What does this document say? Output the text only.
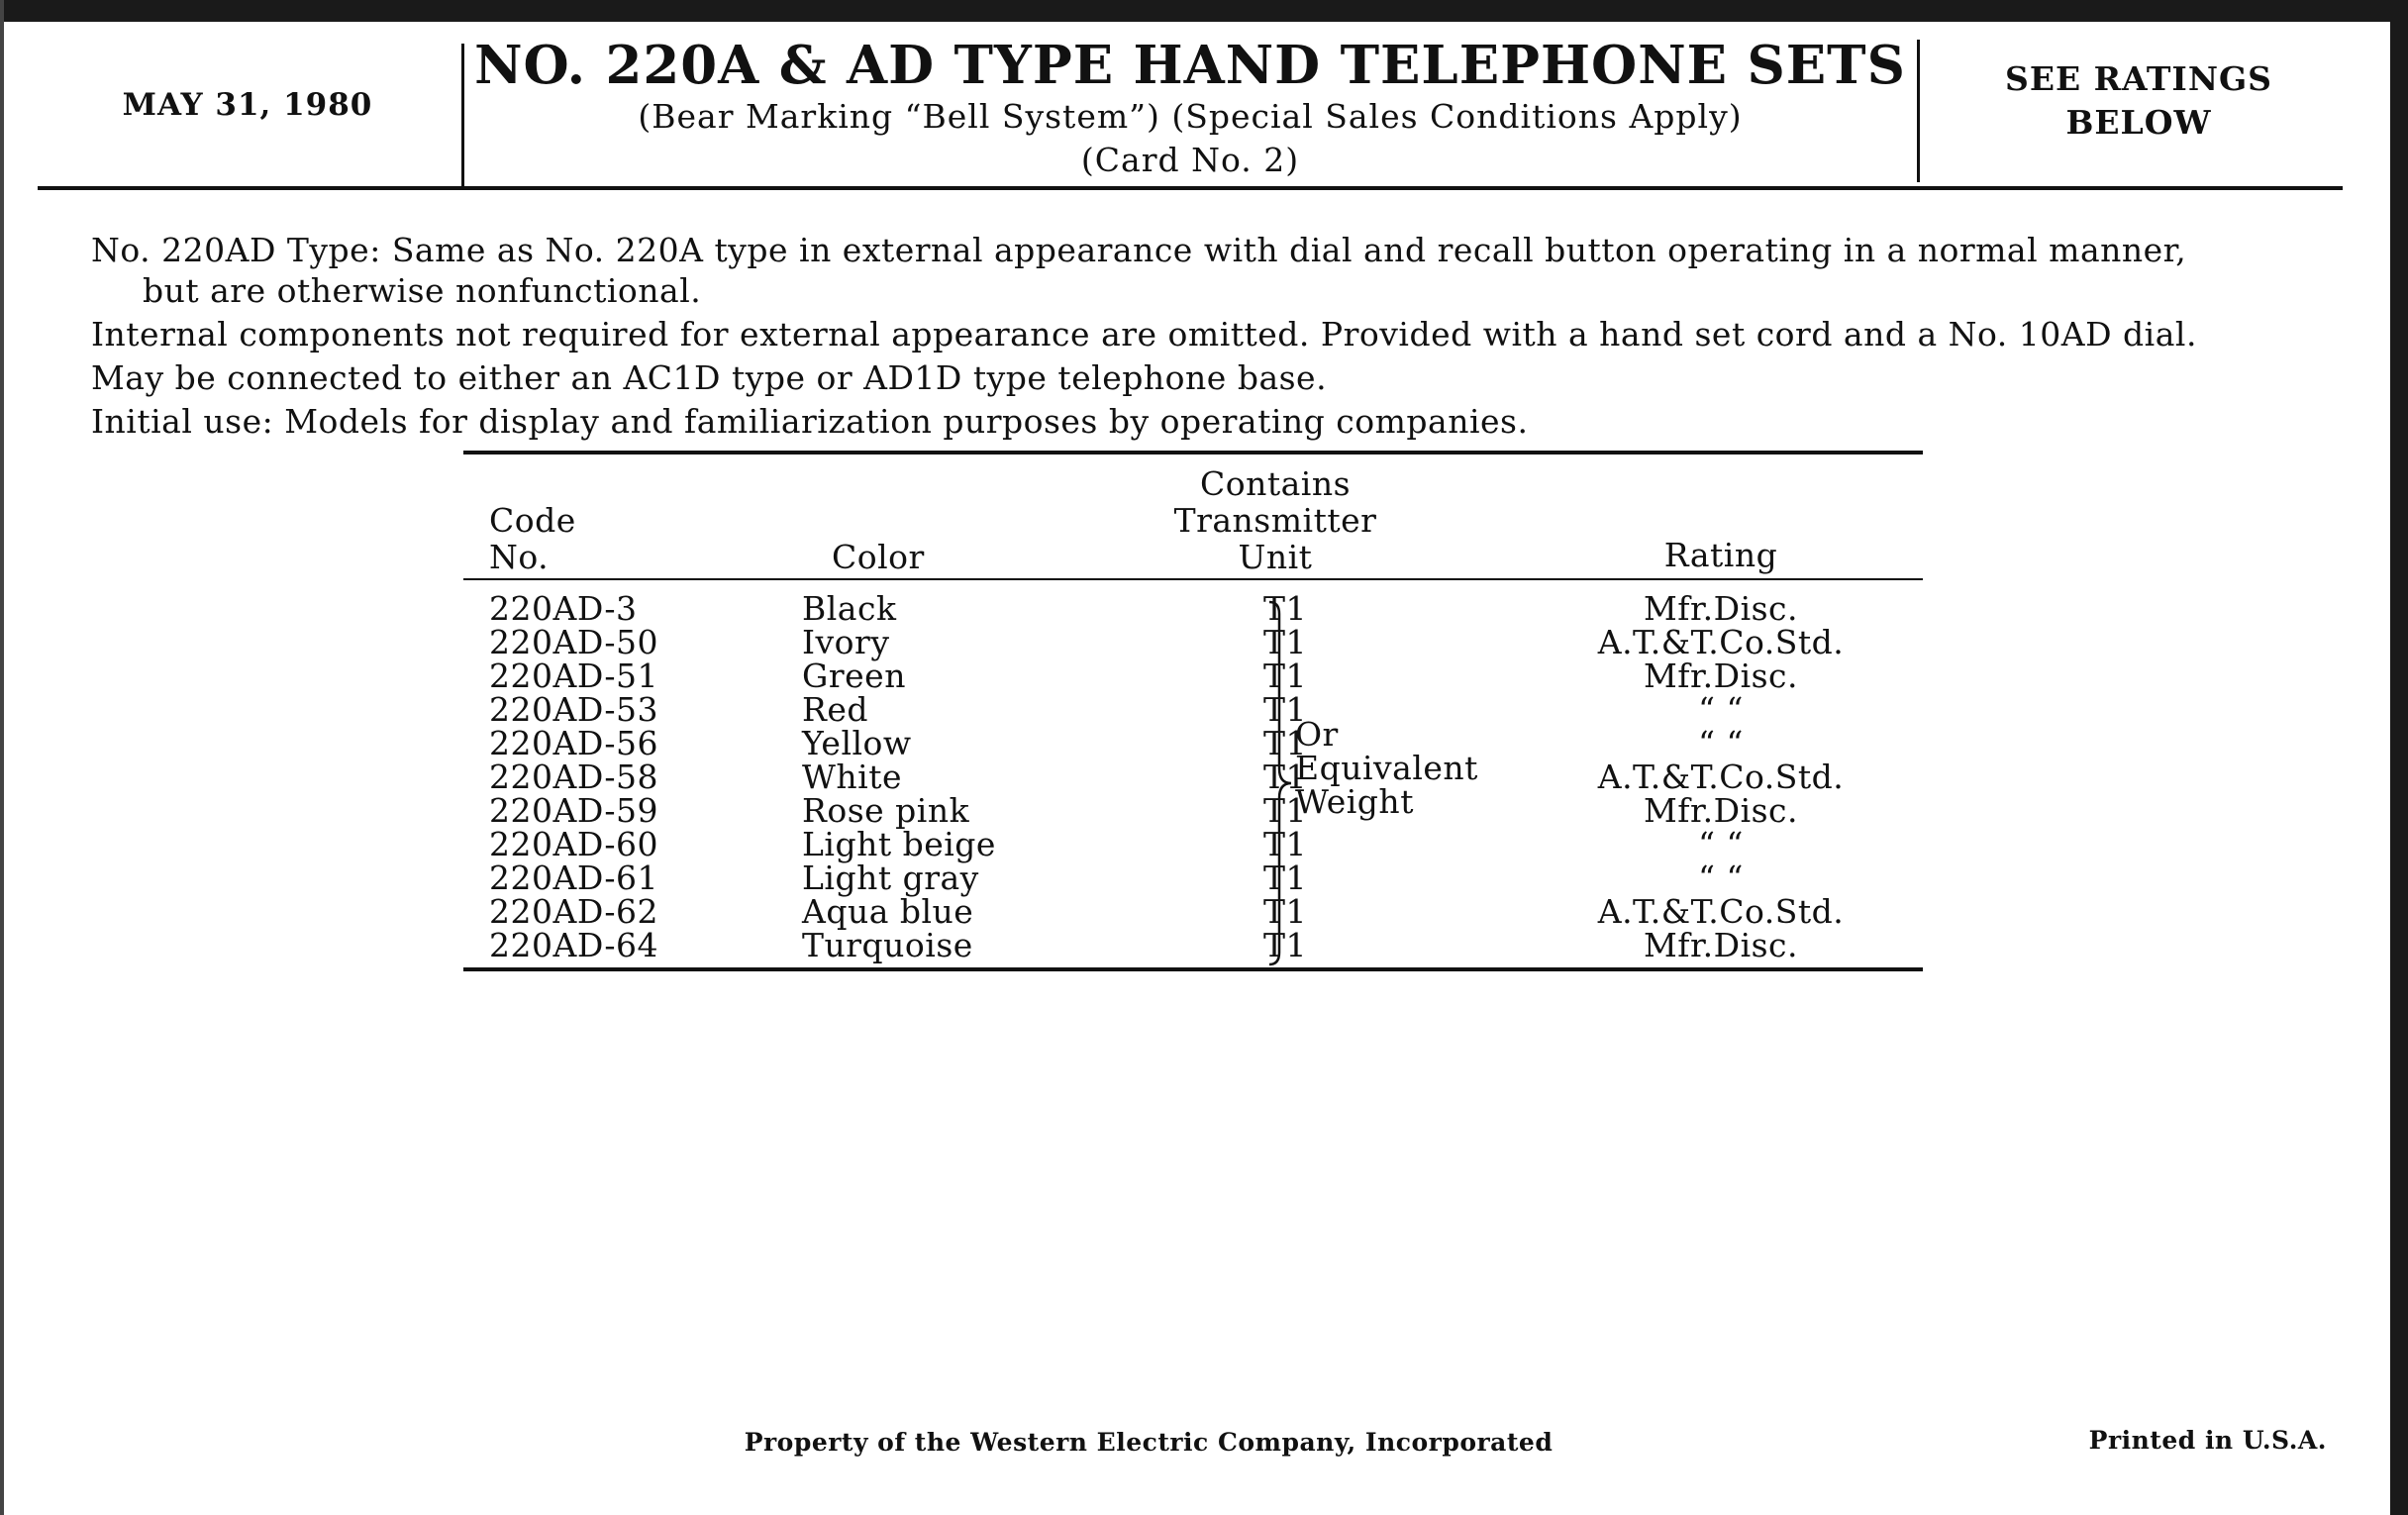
MAY 31, 1980
NO. 220A & AD TYPE HAND TELEPHONE SETS
(Bear Marking “Bell System”) (Special Sales Conditions Apply)
(Card No. 2)
SEE RATINGS
BELOW

No. 220AD Type: Same as No. 220A type in external appearance with dial and recall button operating in a normal manner,

but are otherwise nonfunctional.

Internal components not required for external appearance are omitted. Provided with a hand set cord and a No. 10AD dial.

May be connected to either an AC1D type or AD1D type telephone base.

Initial use: Models for display and familiarization purposes by operating companies.

Code
No.	Color
Contains
Transmitter
Unit	Rating
220AD-3	Black	T1	Mfr.Disc.
220AD-50	Ivory	T1	A.T.&T.Co.Std.
220AD-51	Green	T1	Mfr.Disc.
220AD-53	Red	T1	“ “
220AD-56	Yellow	T1	“ “
220AD-58	White	T1	A.T.&T.Co.Std.
220AD-59	Rose pink	T1	Mfr.Disc.
220AD-60	Light beige	T1	“ “
220AD-61	Light gray	T1	“ “
220AD-62	Aqua blue	T1	A.T.&T.Co.Std.
220AD-64	Turquoise	T1	Mfr.Disc.
Or
Equivalent
Weight
Property of the Western Electric Company, Incorporated	Printed in U.S.A.
